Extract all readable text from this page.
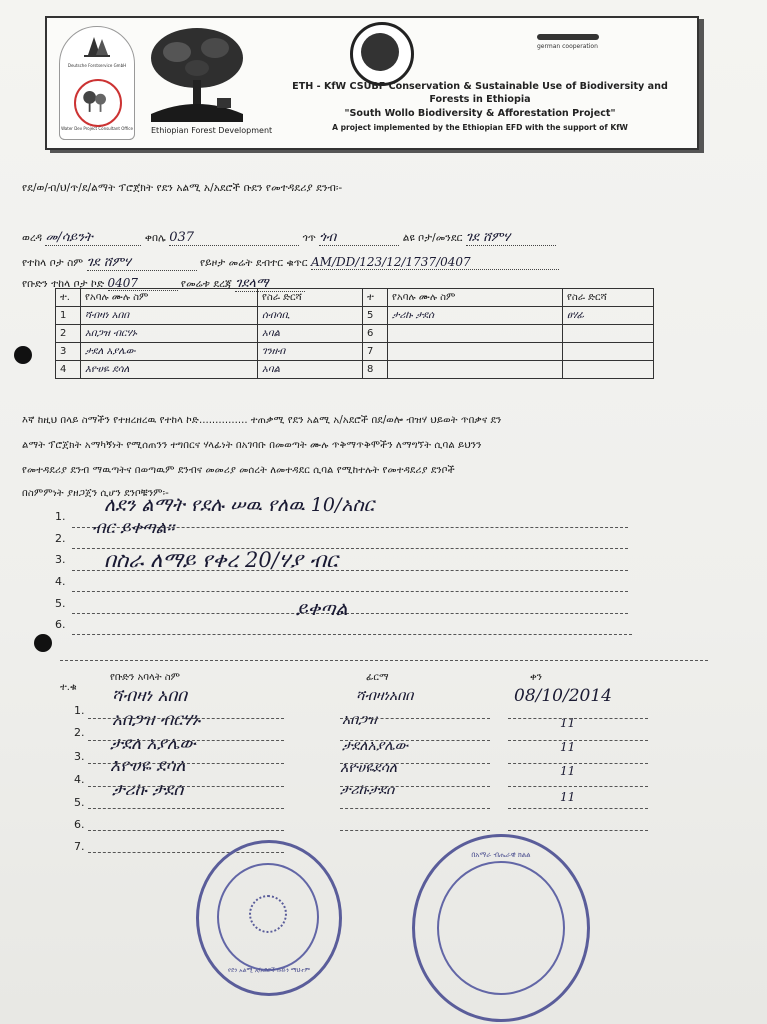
Deutsche Forstservice GmbH
Water Dev Project Consultant Office Ethiopian Forest Development
german cooperation
ETH - KfW CSUBF Conservation & Sustainable Use of Biodiversity and
Forests in Ethiopia
"South Wollo Biodiversity & Afforestation Project"
A project implemented by the Ethiopian EFD with the support of KfW
የደ/ወ/ብ/ህ/ጥ/ደ/ልማት ፕሮጀክት የደን አልሚ አ/አደሮች ቡደን የመተዳደሪያ ደንብ፡-
ወረዳ መ/ሳይንት	ቀበሌ 037	ጎጥ ጎብ	ልዩ ቦታ/መንደር ገደ ሸምሃ
የተከላ ቦታ ስም ገደ ሸምሃ	የይዞታ መሬት ደብተር ቁጥር AM/DD/123/12/1737/0407
የቡድን ተከላ ቦታ ኮድ 0407	የመሬቱ ደረጃ ገደላማ
ተ.	የአባሉ ሙሉ ስም	የስራ ድርሻ	ተ	የአባሉ ሙሉ ስም	የስራ ድርሻ
1	ሻብዛነ አበበ	ሰብሳቢ	5	ታሪኩ ታደሰ	ፀሃፊ
2	አበጋዝ ብርሃኑ	አባል	6		
3	ታደለ አያሌው	ገንዘብ	7		
4	እዮሀዬ ደሳለ	አባል	8		
እኛ ከዚህ በላይ ስማችን የተዘረዘረዉ የተከላ ኮድ............... ተጠቃሚ የደን አልሚ አ/አደሮች በደ/ወሎ ብዝሃ ህይወት ጥበቃና ደን
ልማት ፕሮጀክት አማካኝነት የሚሰጠንን ተግበርና ሃላፊነት በአገባቡ በመወጣት ሙሉ ጥቅማጥቅሞችን ለማግኘት ሲባል ይህንን
የመተዳደሪያ ደንብ ማዉጣትና በወጣዉም ደንብና መመሪያ መሰረት ለመተዳደር ሲባል የሚከተሉት የመተዳደሪያ ደንቦች
በስምምነት ያዘጋጀን ሲሆን ደንቦቹንም፡-
1.
ለደን ልማት የደሉ ሠዉ የለዉ 10/አስር
2.
ብር ይቀጣል፡፡
3. በስራ ለማይ የቀረ 20/ሃያ ብር
4.
5.	ይቀጣል
6.
ተ.ቁ
የቡድን አባላት ስም	ፊርማ	ቀን
1.
ሻብዛነ አበበ	ሻብዛነአበበ	08/10/2014
2.
አበጋዝ ብርሃኑ	አበጋዝ	11
3.
ታደለ አያሌው	ታደለአያሌው	11
4.
እዮሀዬ ደሳለ	እዮሀዬደሳለ	11
5.
ታሪኩ ታደሰ	ታሪኩታደሰ	11
6.
7.
የደን አልሚ አ/አደሮች ቡድን ማህተም
በአማራ ብሔራዊ ክልል
